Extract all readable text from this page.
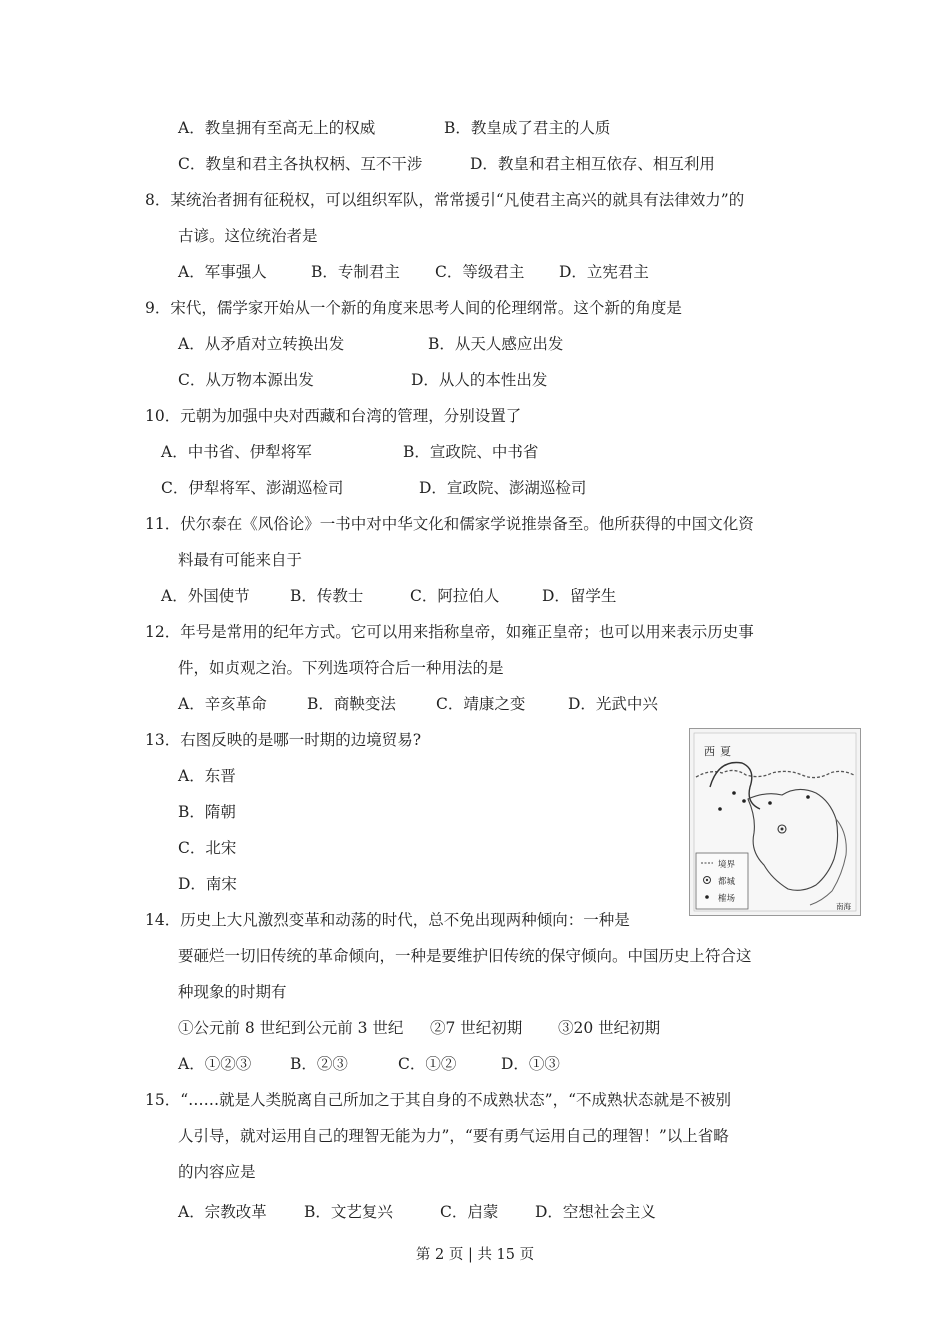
A．教皇拥有至高无上的权威	B．教皇成了君主的人质
C．教皇和君主各执权柄、互不干涉	D．教皇和君主相互依存、相互利用
8．某统治者拥有征税权，可以组织军队，常常援引“凡使君主高兴的就具有法律效力”的
古谚。这位统治者是
A．军事强人	B．专制君主 C．等级君主 D．立宪君主
9．宋代，儒学家开始从一个新的角度来思考人间的伦理纲常。这个新的角度是
A．从矛盾对立转换出发	B．从天人感应出发
C．从万物本源出发	D．从人的本性出发
10．元朝为加强中央对西藏和台湾的管理，分别设置了
A．中书省、伊犁将军	B．宣政院、中书省
C．伊犁将军、澎湖巡检司	D．宣政院、澎湖巡检司
11．伏尔泰在《风俗论》一书中对中华文化和儒家学说推崇备至。他所获得的中国文化资
料最有可能来自于
A．外国使节	B．传教士	C．阿拉伯人	D．留学生
12．年号是常用的纪年方式。它可以用来指称皇帝，如雍正皇帝；也可以用来表示历史事
件，如贞观之治。下列选项符合后一种用法的是
A．辛亥革命	B．商鞅变法	C．靖康之变	D．光武中兴
13．右图反映的是哪一时期的边境贸易?
A．东晋
B．隋朝
C．北宋
D．南宋
西 夏
境界
都城
榷场
南海
14．历史上大凡激烈变革和动荡的时代，总不免出现两种倾向：一种是
要砸烂一切旧传统的革命倾向，一种是要维护旧传统的保守倾向。中国历史上符合这
种现象的时期有
①公元前 8 世纪到公元前 3 世纪 ②7 世纪初期 ③20 世纪初期
A．①②③	B．②③	C．①②	D．①③
15．“……就是人类脱离自己所加之于其自身的不成熟状态”，“不成熟状态就是不被别
人引导，就对运用自己的理智无能为力”，“要有勇气运用自己的理智！”以上省略
的内容应是
A．宗教改革 B．文艺复兴	C．启蒙 D．空想社会主义
第 2 页 | 共 15 页
